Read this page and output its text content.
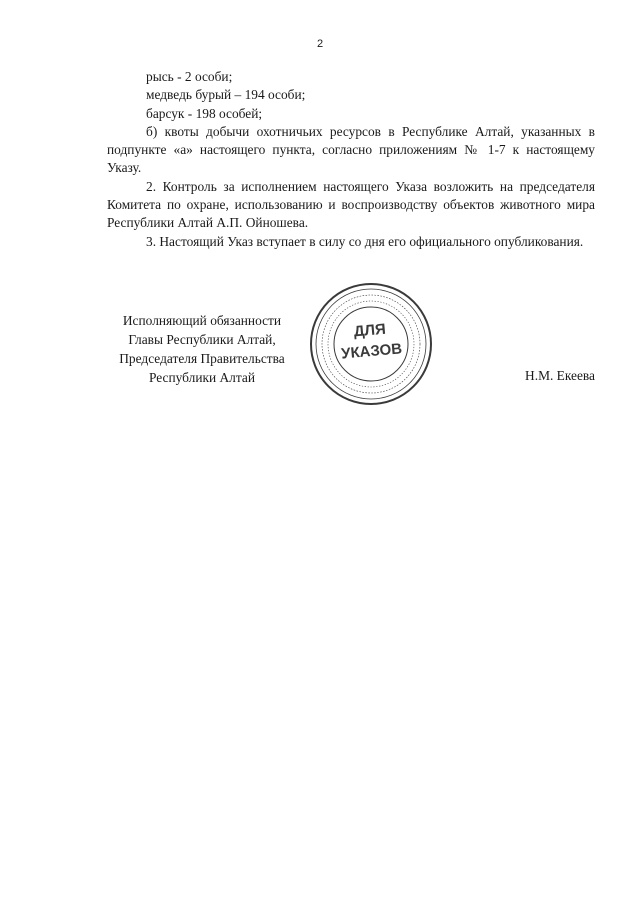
2

рысь - 2 особи;

медведь бурый – 194 особи;

барсук - 198 особей;

б) квоты добычи охотничьих ресурсов в Республике Алтай, указанных в подпункте «а» настоящего пункта, согласно приложениям № 1-7 к настоящему Указу.

2. Контроль за исполнением настоящего Указа возложить на председателя Комитета по охране, использованию и воспроизводству объектов животного мира Республики Алтай А.П. Ойношева.

3. Настоящий Указ вступает в силу со дня его официального опубликования.

Исполняющий обязанности
Главы Республики Алтай,
Председателя Правительства
Республики Алтай	Н.М. Екеева
ДЛЯ
УКАЗОВ
